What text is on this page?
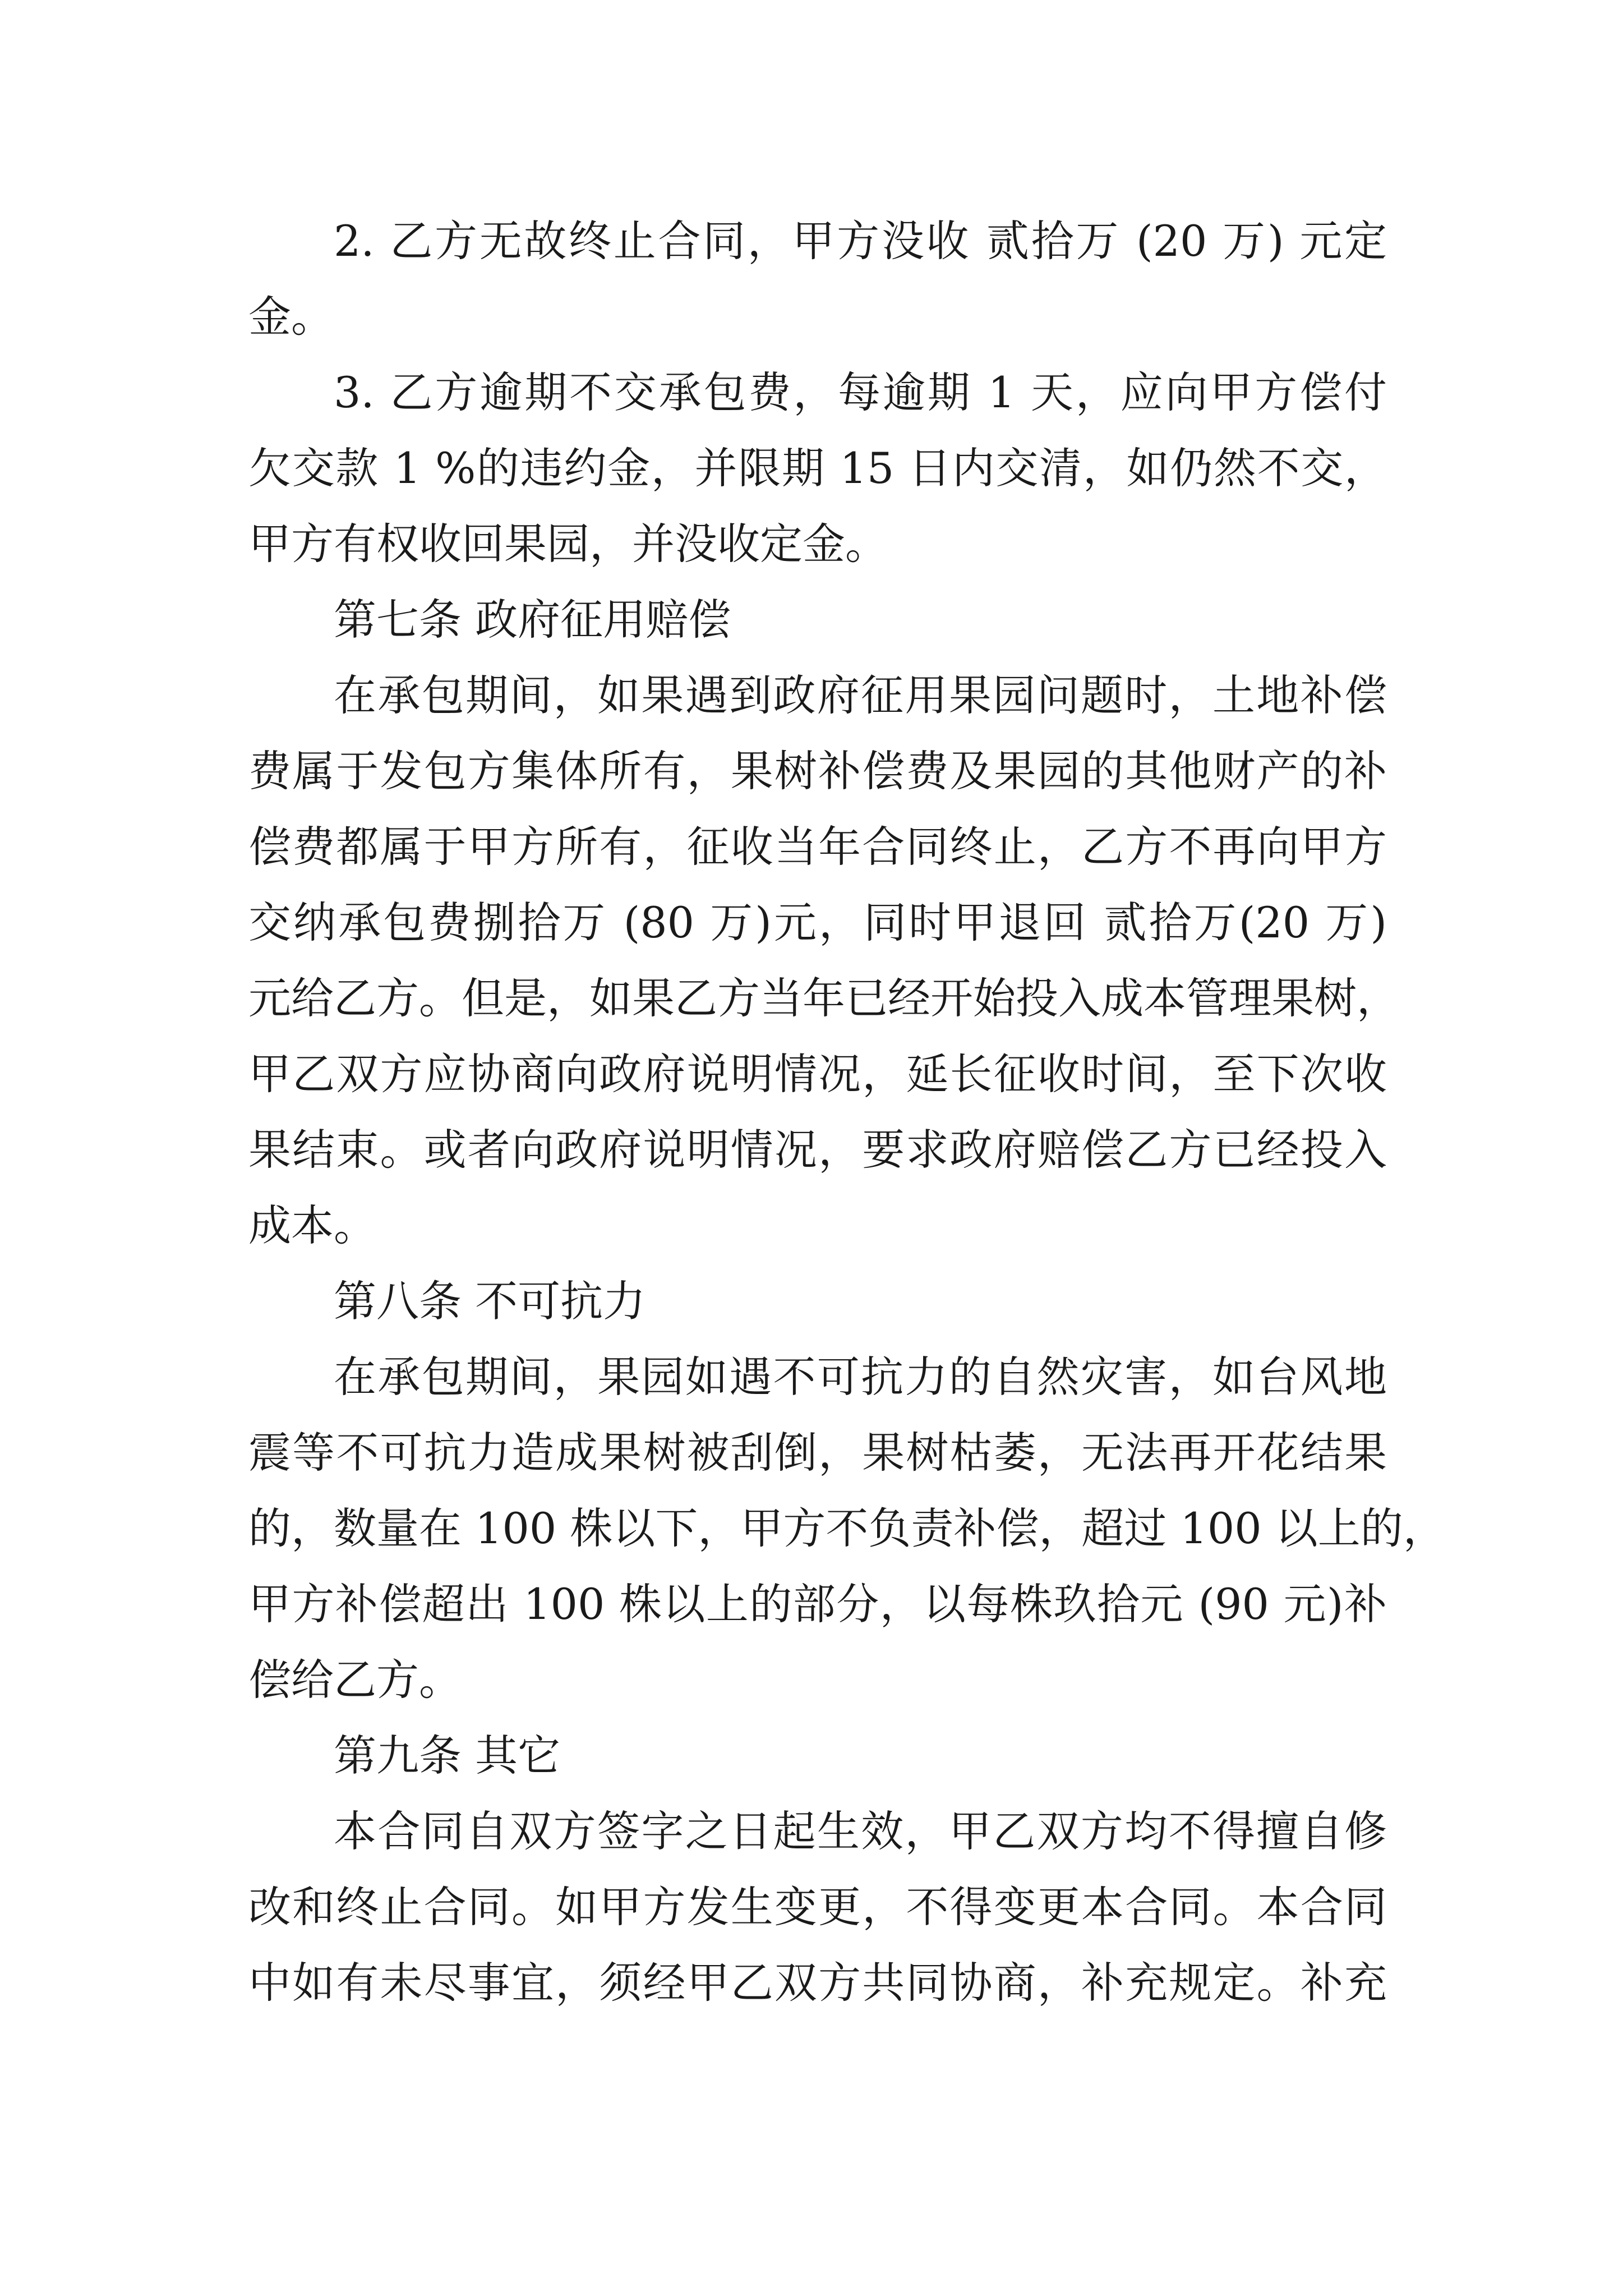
2. 乙方无故终止合同，甲方没收 贰拾万 (20 万) 元定
金。
3. 乙方逾期不交承包费，每逾期 1 天，应向甲方偿付
欠交款 1 %的违约金，并限期 15 日内交清，如仍然不交，
甲方有权收回果园，并没收定金。
第七条 政府征用赔偿
在承包期间，如果遇到政府征用果园问题时，土地补偿
费属于发包方集体所有，果树补偿费及果园的其他财产的补
偿费都属于甲方所有，征收当年合同终止，乙方不再向甲方
交纳承包费捌拾万 (80 万)元，同时甲退回 贰拾万(20 万)
元给乙方。但是，如果乙方当年已经开始投入成本管理果树，
甲乙双方应协商向政府说明情况，延长征收时间，至下次收
果结束。或者向政府说明情况，要求政府赔偿乙方已经投入
成本。
第八条 不可抗力
在承包期间，果园如遇不可抗力的自然灾害，如台风地
震等不可抗力造成果树被刮倒，果树枯萎，无法再开花结果
的，数量在 100 株以下，甲方不负责补偿，超过 100 以上的，
甲方补偿超出 100 株以上的部分，以每株玖拾元 (90 元)补
偿给乙方。
第九条 其它
本合同自双方签字之日起生效，甲乙双方均不得擅自修
改和终止合同。如甲方发生变更，不得变更本合同。本合同
中如有未尽事宜，须经甲乙双方共同协商，补充规定。补充
